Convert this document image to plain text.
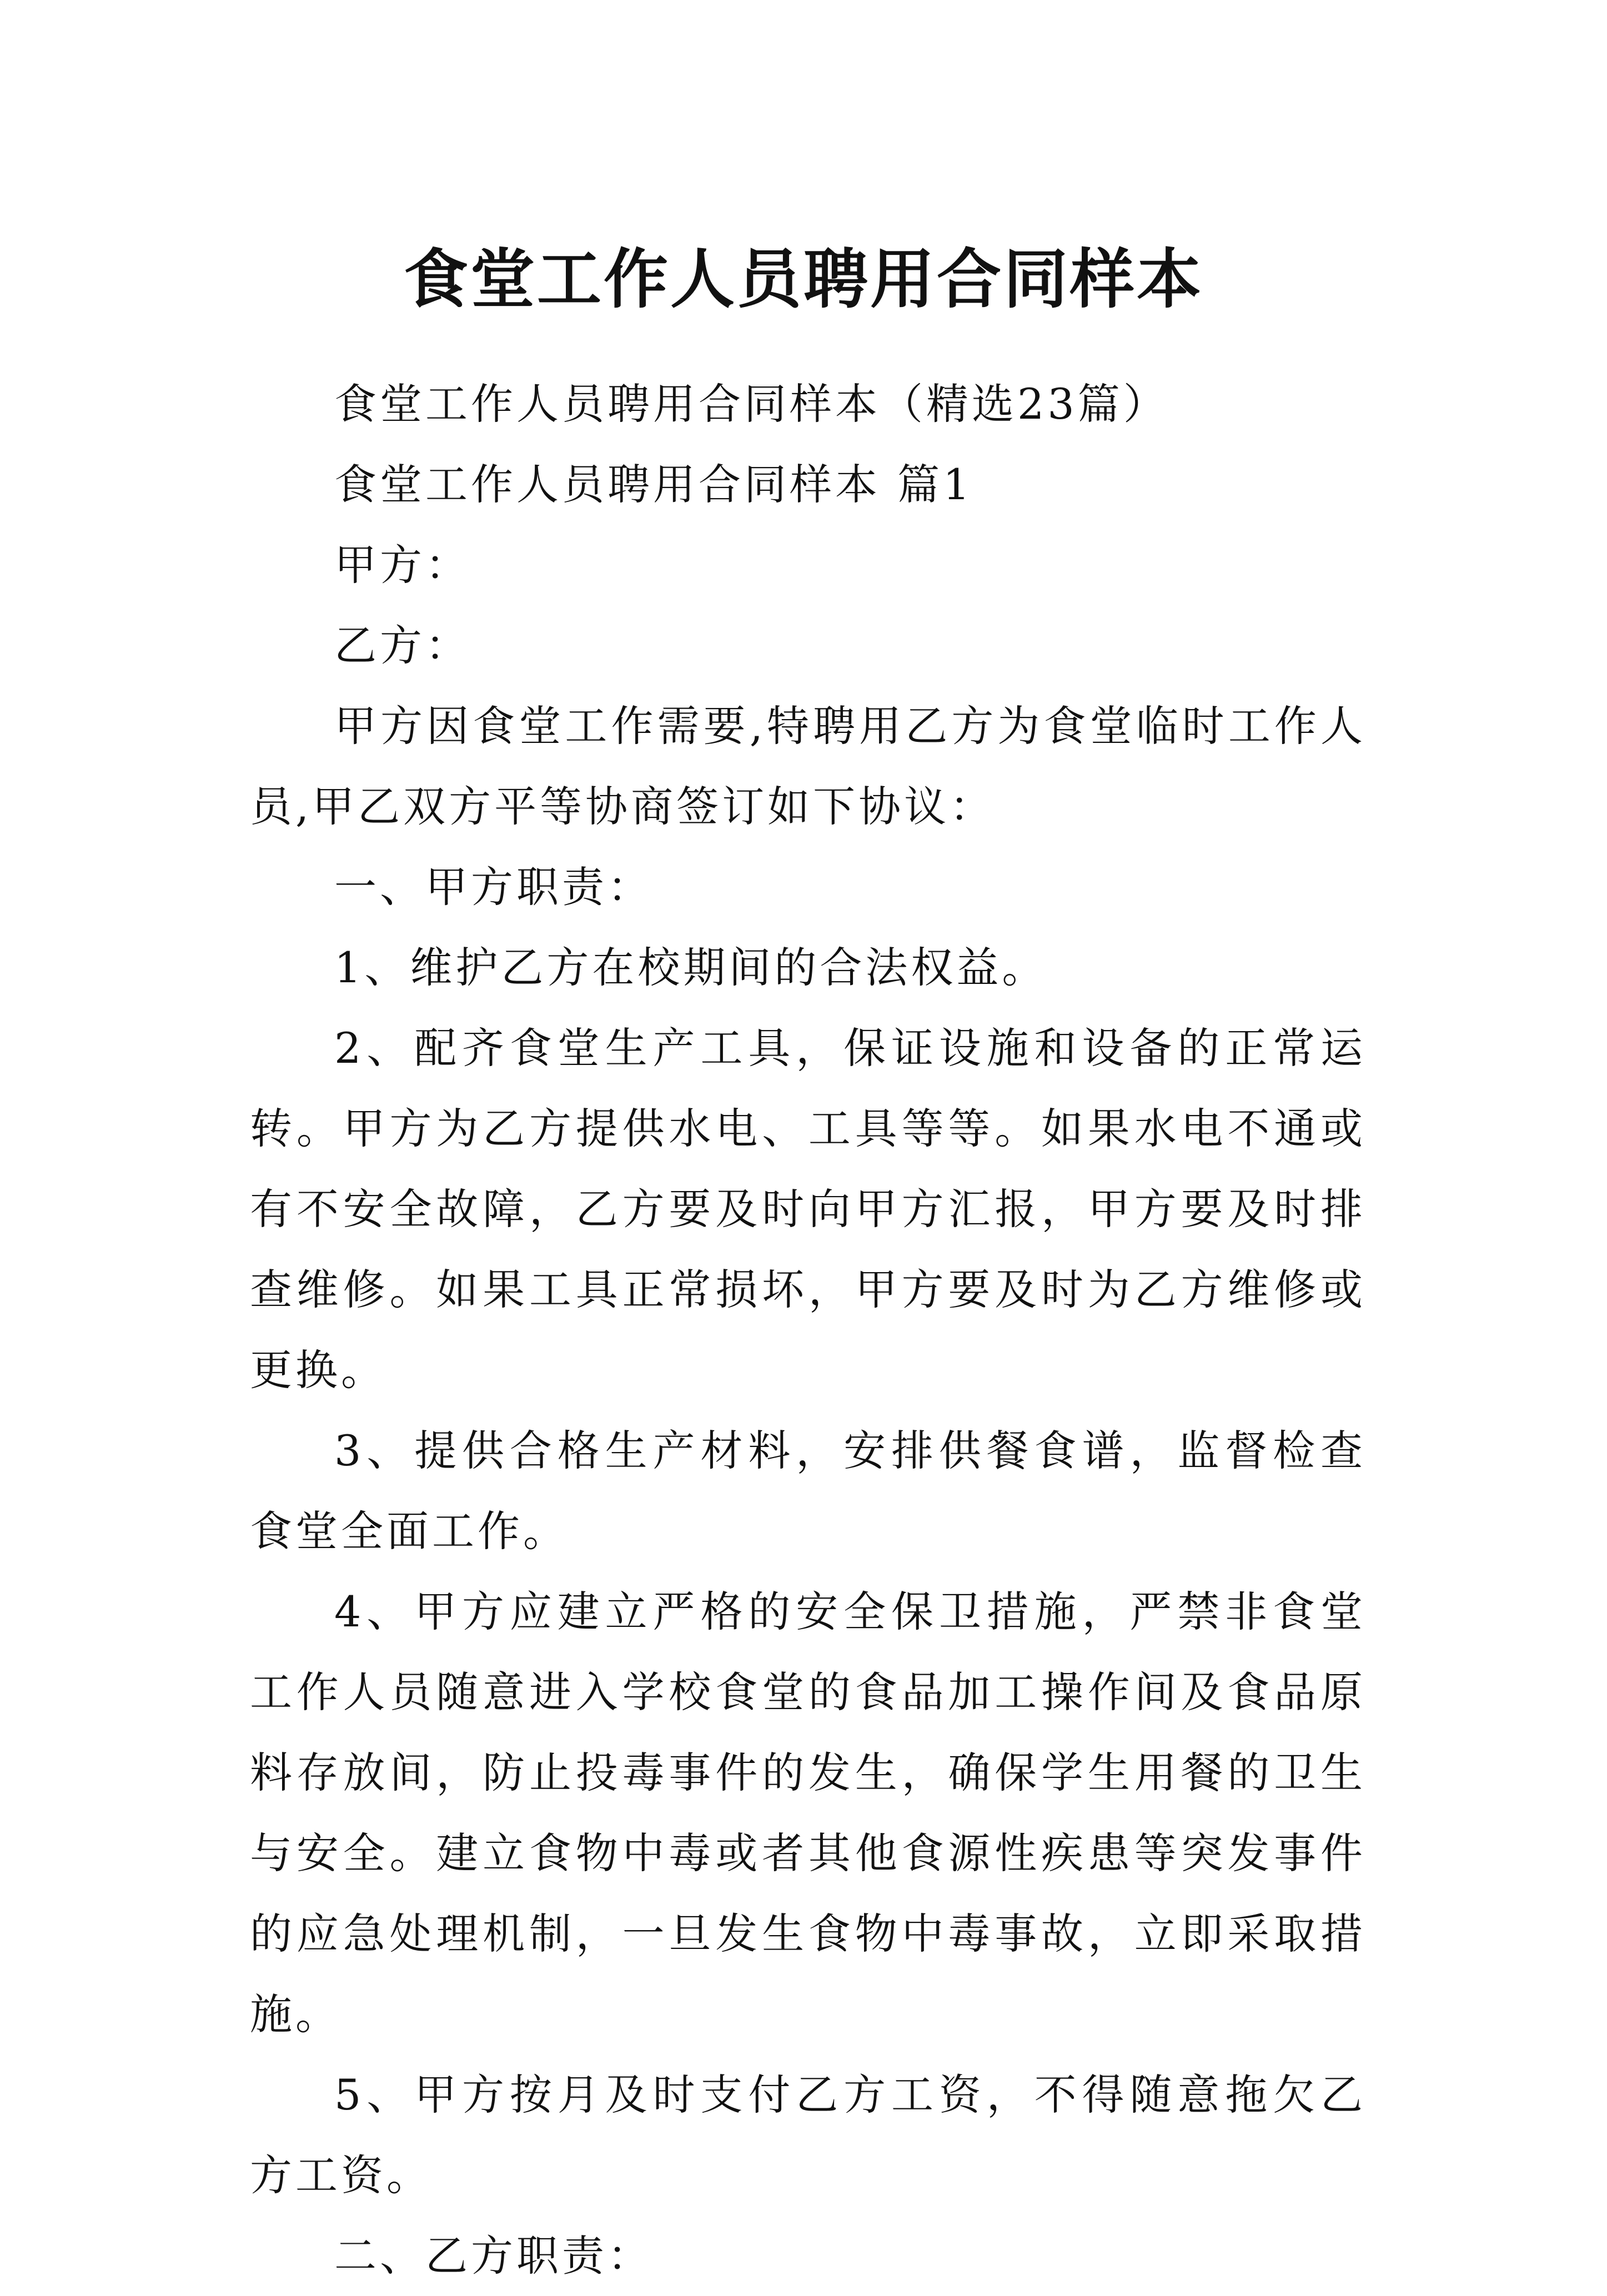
食堂工作人员聘用合同样本

食堂工作人员聘用合同样本（精选23篇）

食堂工作人员聘用合同样本 篇1

甲方：

乙方：

甲方因食堂工作需要,特聘用乙方为食堂临时工作人员,甲乙双方平等协商签订如下协议：

一、甲方职责：

1、维护乙方在校期间的合法权益。

2、配齐食堂生产工具，保证设施和设备的正常运转。甲方为乙方提供水电、工具等等。如果水电不通或有不安全故障，乙方要及时向甲方汇报，甲方要及时排查维修。如果工具正常损坏，甲方要及时为乙方维修或更换。

3、提供合格生产材料，安排供餐食谱，监督检查食堂全面工作。

4、甲方应建立严格的安全保卫措施，严禁非食堂工作人员随意进入学校食堂的食品加工操作间及食品原料存放间，防止投毒事件的发生，确保学生用餐的卫生与安全。建立食物中毒或者其他食源性疾患等突发事件的应急处理机制，一旦发生食物中毒事故，立即采取措施。

5、甲方按月及时支付乙方工资，不得随意拖欠乙方工资。

二、乙方职责：
